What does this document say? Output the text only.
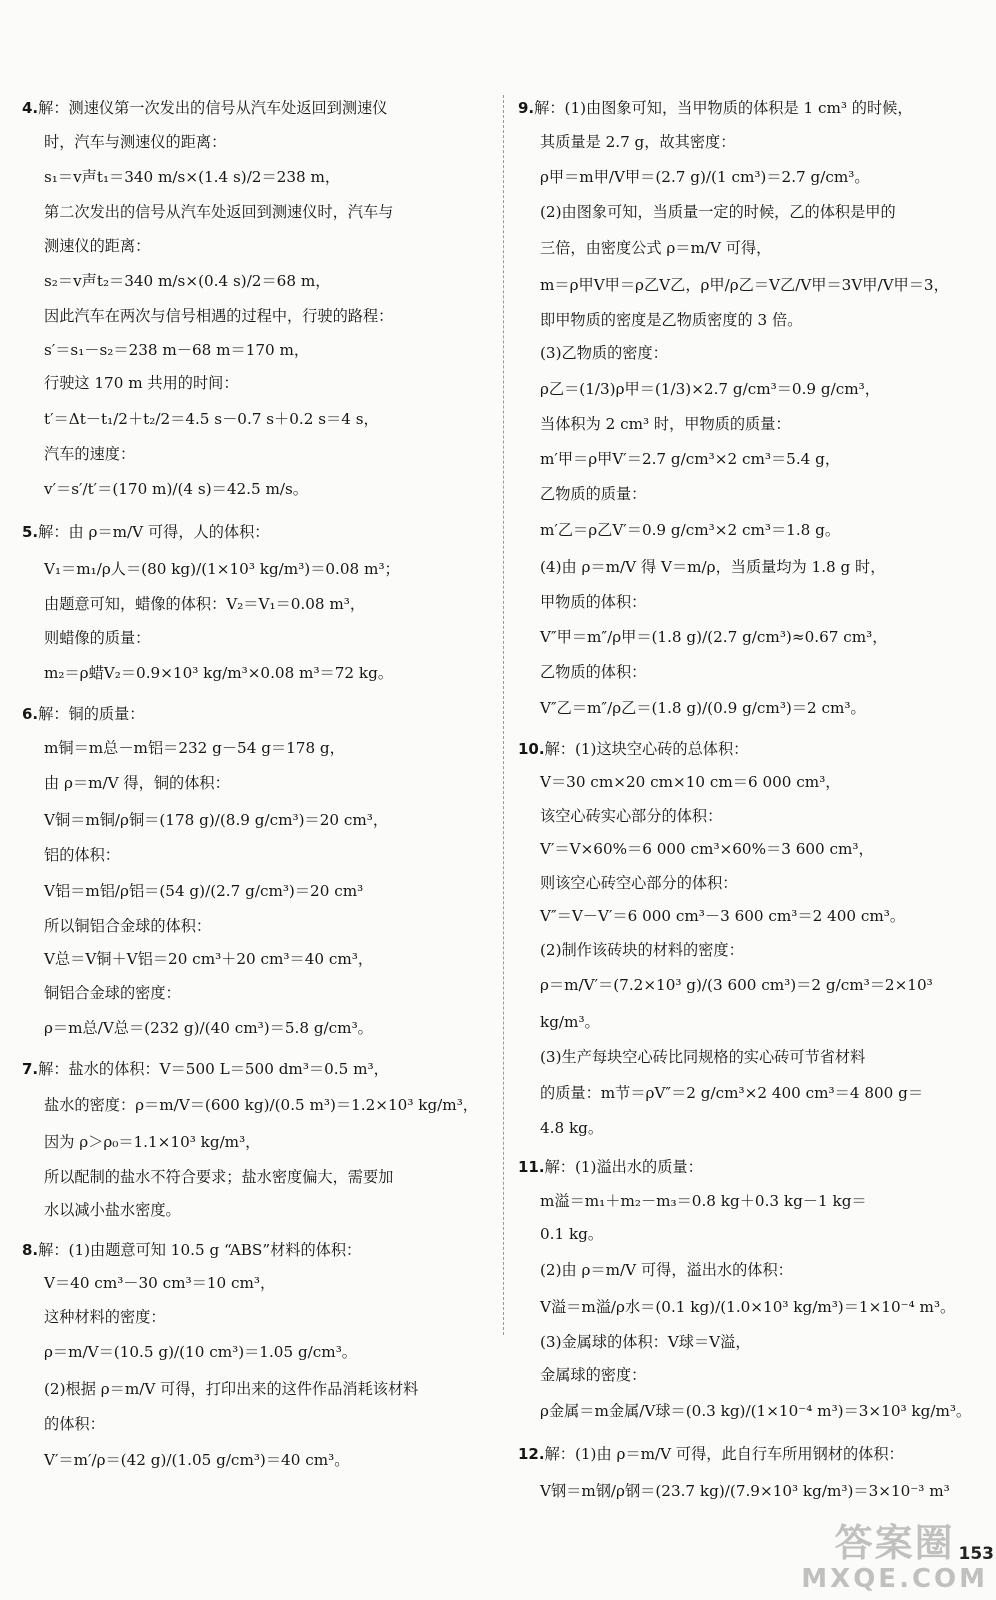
4.解：测速仪第一次发出的信号从汽车处返回到测速仪

时，汽车与测速仪的距离：

s₁＝v声t₁＝340 m/s×(1.4 s)/2＝238 m，

第二次发出的信号从汽车处返回到测速仪时，汽车与

测速仪的距离：

s₂＝v声t₂＝340 m/s×(0.4 s)/2＝68 m，

因此汽车在两次与信号相遇的过程中，行驶的路程：

s′＝s₁－s₂＝238 m－68 m＝170 m，

行驶这 170 m 共用的时间：

t′＝Δt－t₁/2＋t₂/2＝4.5 s－0.7 s＋0.2 s＝4 s，

汽车的速度：

v′＝s′/t′＝(170 m)/(4 s)＝42.5 m/s。

5.解：由 ρ＝m/V 可得，人的体积：

V₁＝m₁/ρ人＝(80 kg)/(1×10³ kg/m³)＝0.08 m³；

由题意可知，蜡像的体积：V₂＝V₁＝0.08 m³，

则蜡像的质量：

m₂＝ρ蜡V₂＝0.9×10³ kg/m³×0.08 m³＝72 kg。

6.解：铜的质量：

m铜＝m总－m铝＝232 g－54 g＝178 g，

由 ρ＝m/V 得，铜的体积：

V铜＝m铜/ρ铜＝(178 g)/(8.9 g/cm³)＝20 cm³，

铝的体积：

V铝＝m铝/ρ铝＝(54 g)/(2.7 g/cm³)＝20 cm³

所以铜铝合金球的体积：

V总＝V铜＋V铝＝20 cm³＋20 cm³＝40 cm³，

铜铝合金球的密度：

ρ＝m总/V总＝(232 g)/(40 cm³)＝5.8 g/cm³。

7.解：盐水的体积：V＝500 L＝500 dm³＝0.5 m³，

盐水的密度：ρ＝m/V＝(600 kg)/(0.5 m³)＝1.2×10³ kg/m³，

因为 ρ＞ρ₀＝1.1×10³ kg/m³，

所以配制的盐水不符合要求；盐水密度偏大，需要加

水以减小盐水密度。

8.解：(1)由题意可知 10.5 g “ABS”材料的体积：

V＝40 cm³－30 cm³＝10 cm³，

这种材料的密度：

ρ＝m/V＝(10.5 g)/(10 cm³)＝1.05 g/cm³。

(2)根据 ρ＝m/V 可得，打印出来的这件作品消耗该材料

的体积：

V′＝m′/ρ＝(42 g)/(1.05 g/cm³)＝40 cm³。

9.解：(1)由图象可知，当甲物质的体积是 1 cm³ 的时候，

其质量是 2.7 g，故其密度：

ρ甲＝m甲/V甲＝(2.7 g)/(1 cm³)＝2.7 g/cm³。

(2)由图象可知，当质量一定的时候，乙的体积是甲的

三倍，由密度公式 ρ＝m/V 可得，

m＝ρ甲V甲＝ρ乙V乙，ρ甲/ρ乙＝V乙/V甲＝3V甲/V甲＝3，

即甲物质的密度是乙物质密度的 3 倍。

(3)乙物质的密度：

ρ乙＝(1/3)ρ甲＝(1/3)×2.7 g/cm³＝0.9 g/cm³，

当体积为 2 cm³ 时，甲物质的质量：

m′甲＝ρ甲V′＝2.7 g/cm³×2 cm³＝5.4 g，

乙物质的质量：

m′乙＝ρ乙V′＝0.9 g/cm³×2 cm³＝1.8 g。

(4)由 ρ＝m/V 得 V＝m/ρ，当质量均为 1.8 g 时，

甲物质的体积：

V″甲＝m″/ρ甲＝(1.8 g)/(2.7 g/cm³)≈0.67 cm³，

乙物质的体积：

V″乙＝m″/ρ乙＝(1.8 g)/(0.9 g/cm³)＝2 cm³。

10.解：(1)这块空心砖的总体积：

V＝30 cm×20 cm×10 cm＝6 000 cm³，

该空心砖实心部分的体积：

V′＝V×60%＝6 000 cm³×60%＝3 600 cm³，

则该空心砖空心部分的体积：

V″＝V－V′＝6 000 cm³－3 600 cm³＝2 400 cm³。

(2)制作该砖块的材料的密度：

ρ＝m/V′＝(7.2×10³ g)/(3 600 cm³)＝2 g/cm³＝2×10³ kg/m³。

(3)生产每块空心砖比同规格的实心砖可节省材料

的质量：m节＝ρV″＝2 g/cm³×2 400 cm³＝4 800 g＝

4.8 kg。

11.解：(1)溢出水的质量：

m溢＝m₁＋m₂－m₃＝0.8 kg＋0.3 kg－1 kg＝

0.1 kg。

(2)由 ρ＝m/V 可得，溢出水的体积：

V溢＝m溢/ρ水＝(0.1 kg)/(1.0×10³ kg/m³)＝1×10⁻⁴ m³。

(3)金属球的体积：V球＝V溢，

金属球的密度：

ρ金属＝m金属/V球＝(0.3 kg)/(1×10⁻⁴ m³)＝3×10³ kg/m³。

12.解：(1)由 ρ＝m/V 可得，此自行车所用钢材的体积：

V钢＝m钢/ρ钢＝(23.7 kg)/(7.9×10³ kg/m³)＝3×10⁻³ m³

153
答案圈
MXQE.COM
